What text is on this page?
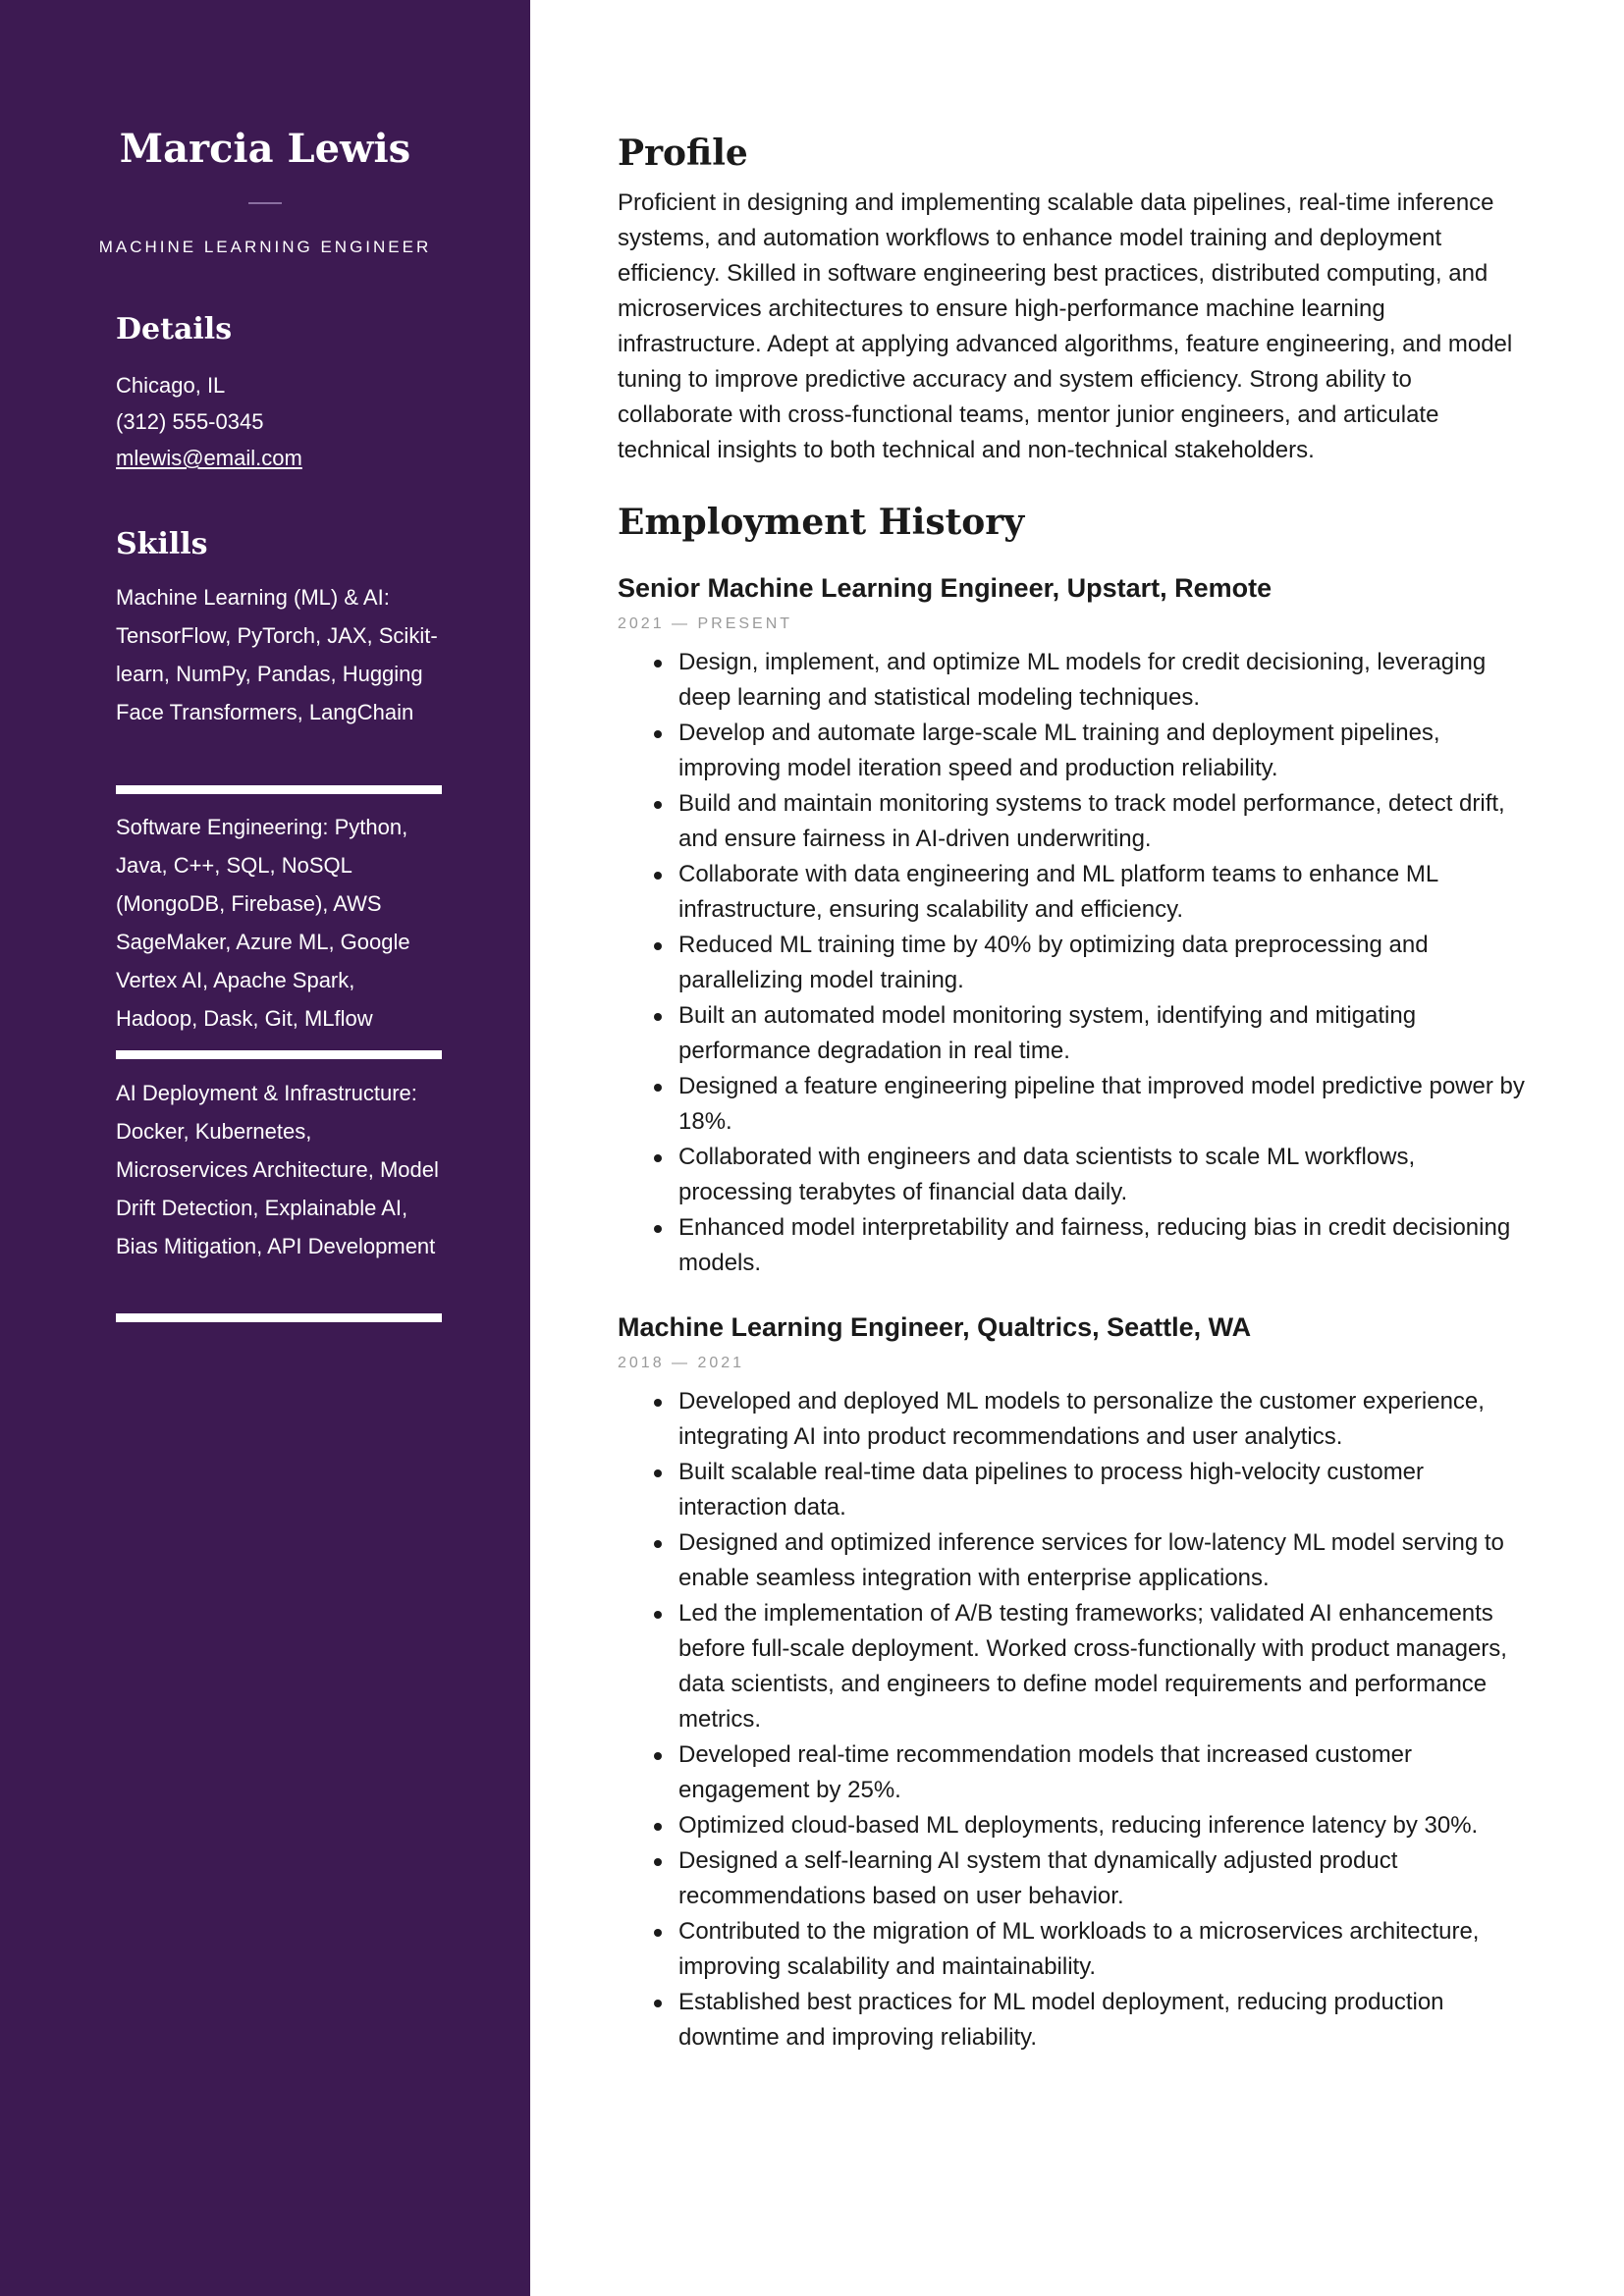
Marcia Lewis
MACHINE LEARNING ENGINEER
Details
Chicago, IL
(312) 555-0345
mlewis@email.com
Skills
Machine Learning (ML) & AI: TensorFlow, PyTorch, JAX, Scikit-learn, NumPy, Pandas, Hugging Face Transformers, LangChain
Software Engineering: Python, Java, C++, SQL, NoSQL (MongoDB, Firebase), AWS SageMaker, Azure ML, Google Vertex AI, Apache Spark, Hadoop, Dask, Git, MLflow
AI Deployment & Infrastructure: Docker, Kubernetes, Microservices Architecture, Model Drift Detection, Explainable AI, Bias Mitigation, API Development
Profile

Proficient in designing and implementing scalable data pipelines, real-time inference systems, and automation workflows to enhance model training and deployment efficiency. Skilled in software engineering best practices, distributed computing, and microservices architectures to ensure high-performance machine learning infrastructure. Adept at applying advanced algorithms, feature engineering, and model tuning to improve predictive accuracy and system efficiency. Strong ability to collaborate with cross-functional teams, mentor junior engineers, and articulate technical insights to both technical and non-technical stakeholders.

Employment History
Senior Machine Learning Engineer, Upstart, Remote
2021 — PRESENT
Design, implement, and optimize ML models for credit decisioning, leveraging deep learning and statistical modeling techniques.
Develop and automate large-scale ML training and deployment pipelines, improving model iteration speed and production reliability.
Build and maintain monitoring systems to track model performance, detect drift, and ensure fairness in AI-driven underwriting.
Collaborate with data engineering and ML platform teams to enhance ML infrastructure, ensuring scalability and efficiency.
Reduced ML training time by 40% by optimizing data preprocessing and parallelizing model training.
Built an automated model monitoring system, identifying and mitigating performance degradation in real time.
Designed a feature engineering pipeline that improved model predictive power by 18%.
Collaborated with engineers and data scientists to scale ML workflows, processing terabytes of financial data daily.
Enhanced model interpretability and fairness, reducing bias in credit decisioning models.
Machine Learning Engineer, Qualtrics, Seattle, WA
2018 — 2021
Developed and deployed ML models to personalize the customer experience, integrating AI into product recommendations and user analytics.
Built scalable real-time data pipelines to process high-velocity customer interaction data.
Designed and optimized inference services for low-latency ML model serving to enable seamless integration with enterprise applications.
Led the implementation of A/B testing frameworks; validated AI enhancements before full-scale deployment. Worked cross-functionally with product managers, data scientists, and engineers to define model requirements and performance metrics.
Developed real-time recommendation models that increased customer engagement by 25%.
Optimized cloud-based ML deployments, reducing inference latency by 30%.
Designed a self-learning AI system that dynamically adjusted product recommendations based on user behavior.
Contributed to the migration of ML workloads to a microservices architecture, improving scalability and maintainability.
Established best practices for ML model deployment, reducing production downtime and improving reliability.
